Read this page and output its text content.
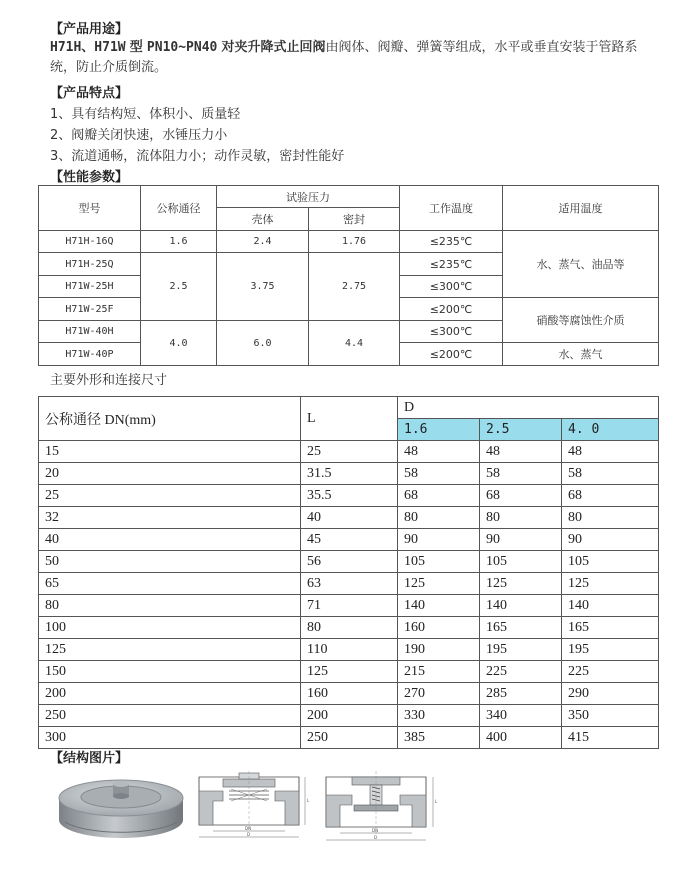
【产品用途】
H71H、H71W 型 PN10~PN40 对夹升降式止回阀由阀体、阀瓣、弹簧等组成，水平或垂直安装于管路系统，防止介质倒流。
【产品特点】
1、具有结构短、体积小、质量轻
2、阀瓣关闭快速，水锤压力小
3、流道通畅，流体阻力小；动作灵敏，密封性能好
【性能参数】
型号	公称通径	试验压力		工作温度	适用温度
		壳体	密封		
H71H-16Q	1.6	2.4	1.76	≤235℃	水、蒸气、油品等
H71H-25Q	2.5	3.75	2.75	≤235℃	
H71W-25H				≤300℃	
H71W-25F				≤200℃	硝酸等腐蚀性介质
H71W-40H	4.0	6.0	4.4	≤300℃	
H71W-40P				≤200℃	水、蒸气
主要外形和连接尺寸
公称通径 DN(mm)	L	D		
		1.6	2.5	4. 0
15	25	48	48	48
20	31.5	58	58	58
25	35.5	68	68	68
32	40	80	80	80
40	45	90	90	90
50	56	105	105	105
65	63	125	125	125
80	71	140	140	140
100	80	160	165	165
125	110	190	195	195
150	125	215	225	225
200	160	270	285	290
250	200	330	340	350
300	250	385	400	415
【结构图片】
DN
D
L
DN
D
L
